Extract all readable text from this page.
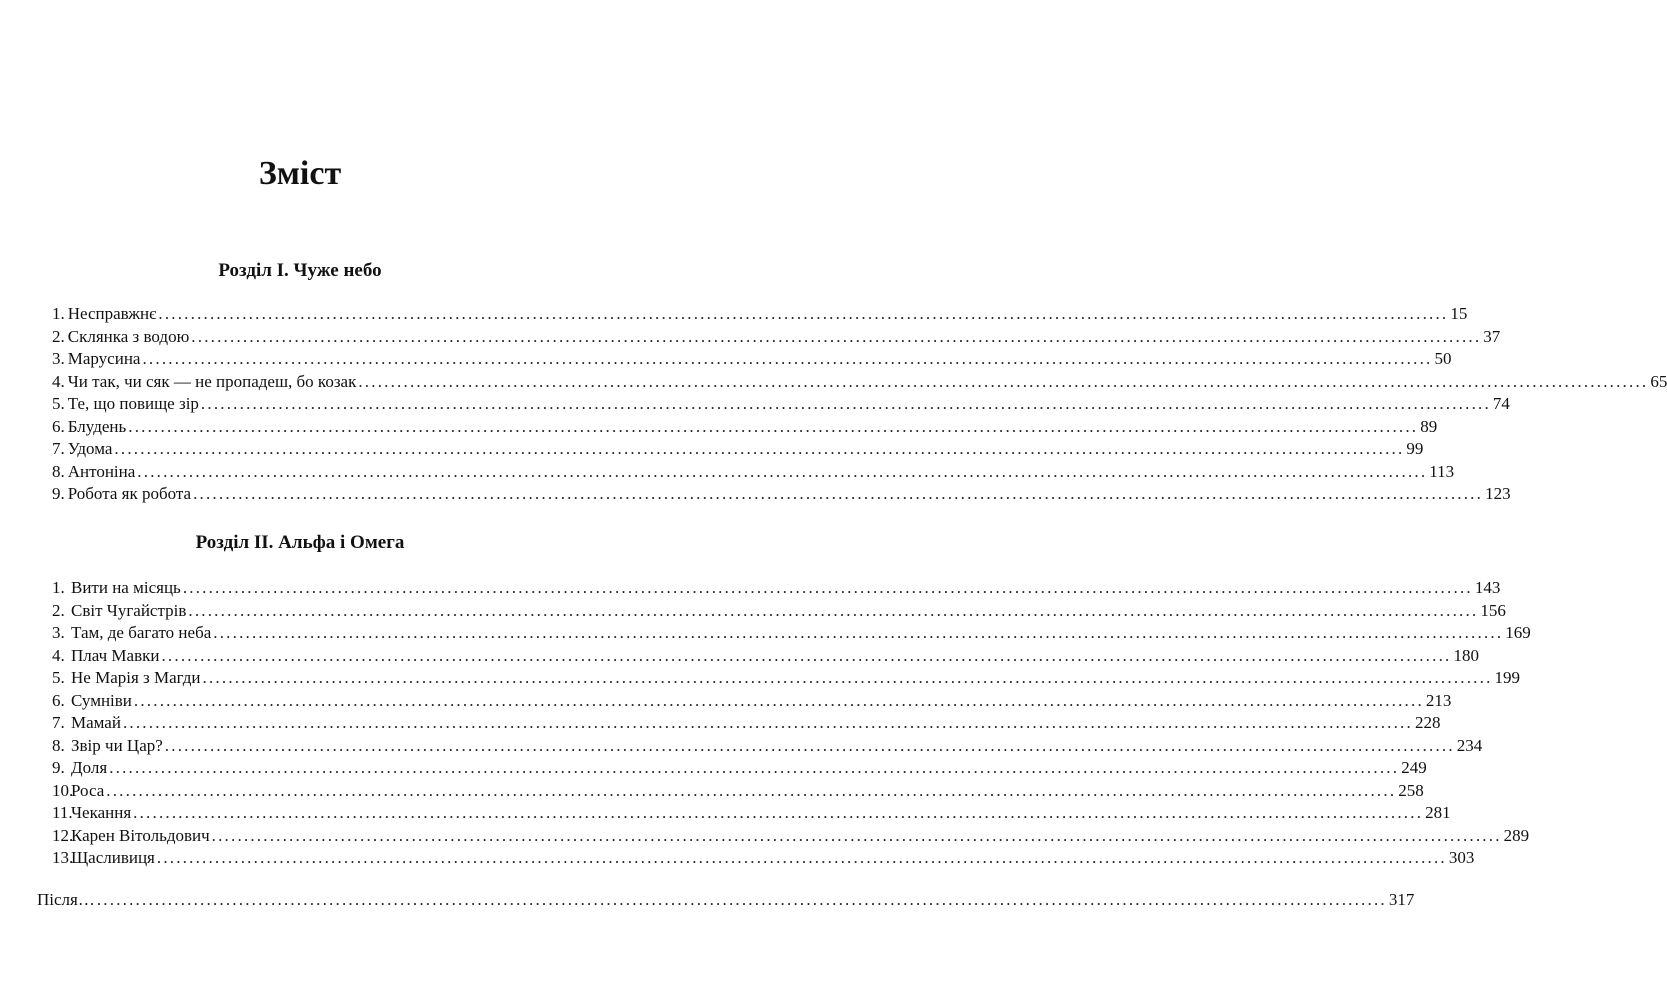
Зміст
Розділ I. Чуже небо
1. Несправжнє ........................................................................................................................................................................................................ 15
2. Склянка з водою ........................................................................................................................................................................................................ 37
3. Марусина ........................................................................................................................................................................................................ 50
4. Чи так, чи сяк — не пропадеш, бо козак ........................................................................................................................................................................................................ 65
5. Те, що повище зір ........................................................................................................................................................................................................ 74
6. Блудень ........................................................................................................................................................................................................ 89
7. Удома ........................................................................................................................................................................................................ 99
8. Антоніна ........................................................................................................................................................................................................ 113
9. Робота як робота ........................................................................................................................................................................................................ 123
Розділ II. Альфа і Омега
1. Вити на місяць ........................................................................................................................................................................................................ 143
2. Світ Чугайстрів ........................................................................................................................................................................................................ 156
3. Там, де багато неба ........................................................................................................................................................................................................ 169
4. Плач Мавки ........................................................................................................................................................................................................ 180
5. Не Марія з Магди ........................................................................................................................................................................................................ 199
6. Сумніви ........................................................................................................................................................................................................ 213
7. Мамай ........................................................................................................................................................................................................ 228
8. Звір чи Цар? ........................................................................................................................................................................................................ 234
9. Доля ........................................................................................................................................................................................................ 249
10.
Роса ........................................................................................................................................................................................................ 258
11.
Чекання ........................................................................................................................................................................................................ 281
12.
Карен Вітольдович ........................................................................................................................................................................................................ 289
13.
Щасливиця ........................................................................................................................................................................................................ 303
Після… ........................................................................................................................................................................................................ 317
